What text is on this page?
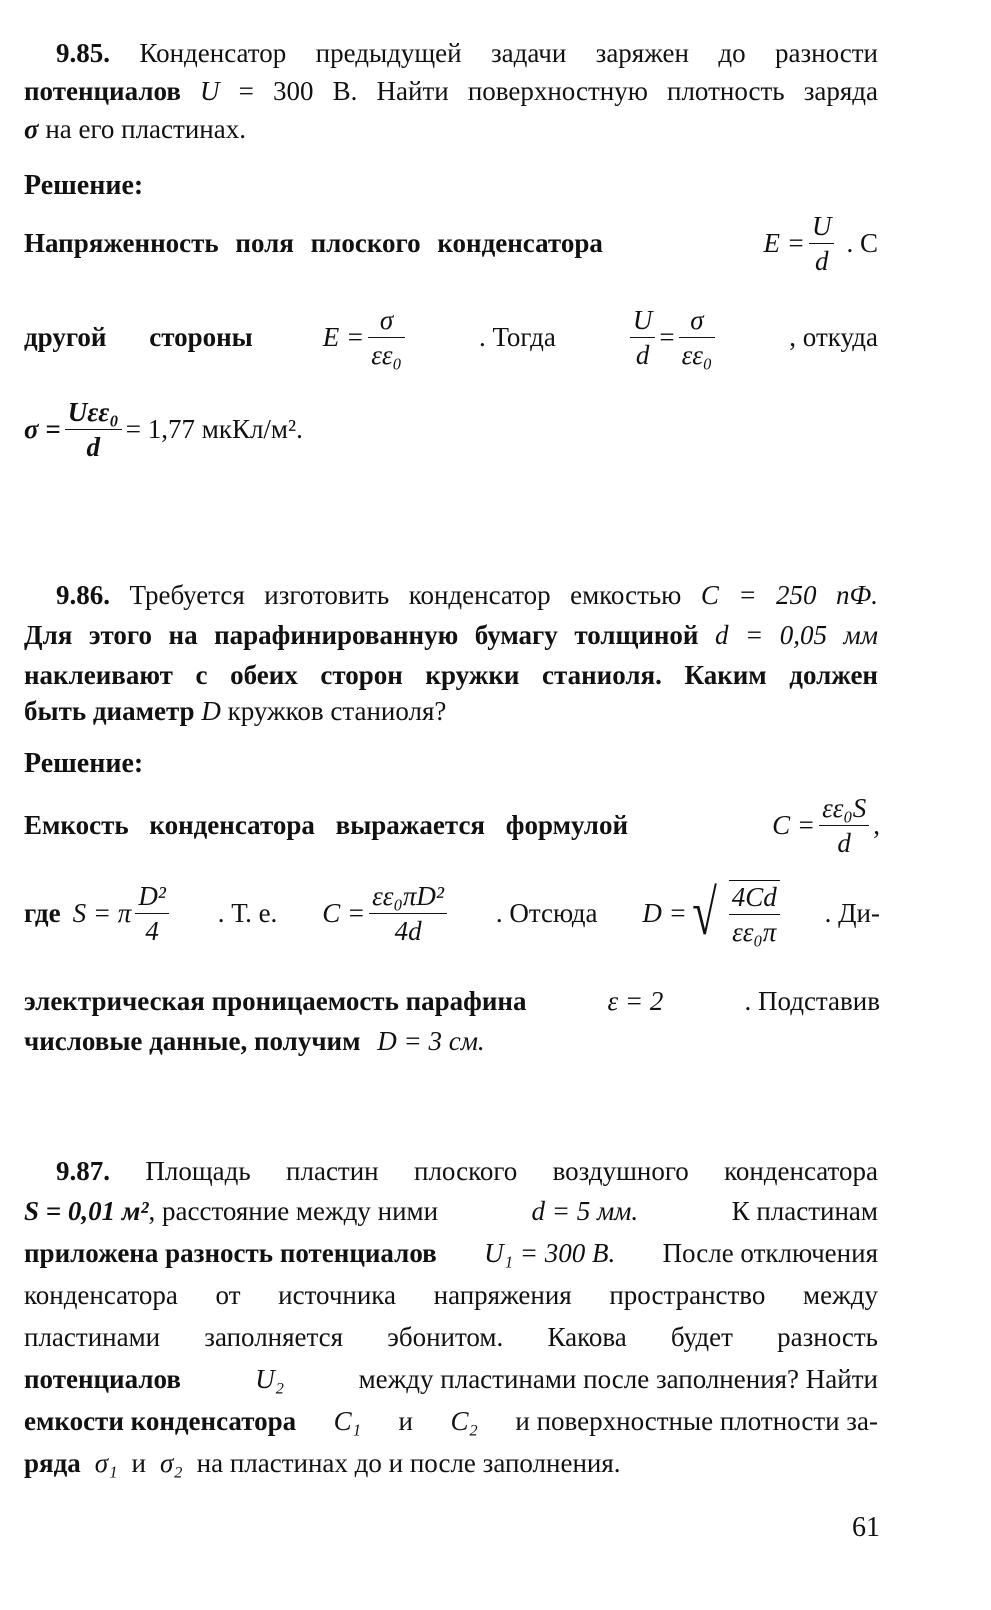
9.85. Конденсатор предыдущей задачи заряжен до разности
потенциалов U = 300 В. Найти поверхностную плотность заряда
σ на его пластинах.
Решение:
Напряженность поля плоского конденсатора	$E = \frac{U}{d}$ . С
другой стороны	$E = \frac{\sigma}{\text{εε₀}}$	. Тогда	$\frac{U}{d} = \frac{\sigma}{\text{εε₀}}$	, откуда
$\sigma = \frac{\text{Uεε₀}}{d} = 1,77$ мкКл/м².
9.86. Требуется изготовить конденсатор емкостью C = 250 пФ.
Для этого на парафинированную бумагу толщиной d = 0,05 мм
наклеивают с обеих сторон кружки станиоля. Каким должен
быть диаметр D кружков станиоля?
Решение:
Емкость конденсатора выражается формулой	$C = \frac{\text{εε₀S}}{d}$ ,
где S = π $\frac{\text{D²}}{4}$ . Т. е. $C = \frac{\text{εε₀πD²}}{4d}$ . Отсюда D = √ $\frac{4Cd}{\text{εε₀π}}$ . Ди-
электрическая проницаемость парафина	ε = 2	. Подставив
числовые данные, получим D = 3 см.
9.87. Площадь пластин плоского воздушного конденсатора
S = 0,01 м², расстояние между ними	d = 5 мм.	К пластинам
приложена разность потенциалов U₁ = 300 В. После отключения
конденсатора от источника напряжения пространство между
пластинами заполняется эбонитом. Какова будет разность
потенциалов	U₂	между пластинами после заполнения? Найти
емкости конденсатора C₁ и C₂ и поверхностные плотности за-
ряда σ₁ и σ₂ на пластинах до и после заполнения.
61
